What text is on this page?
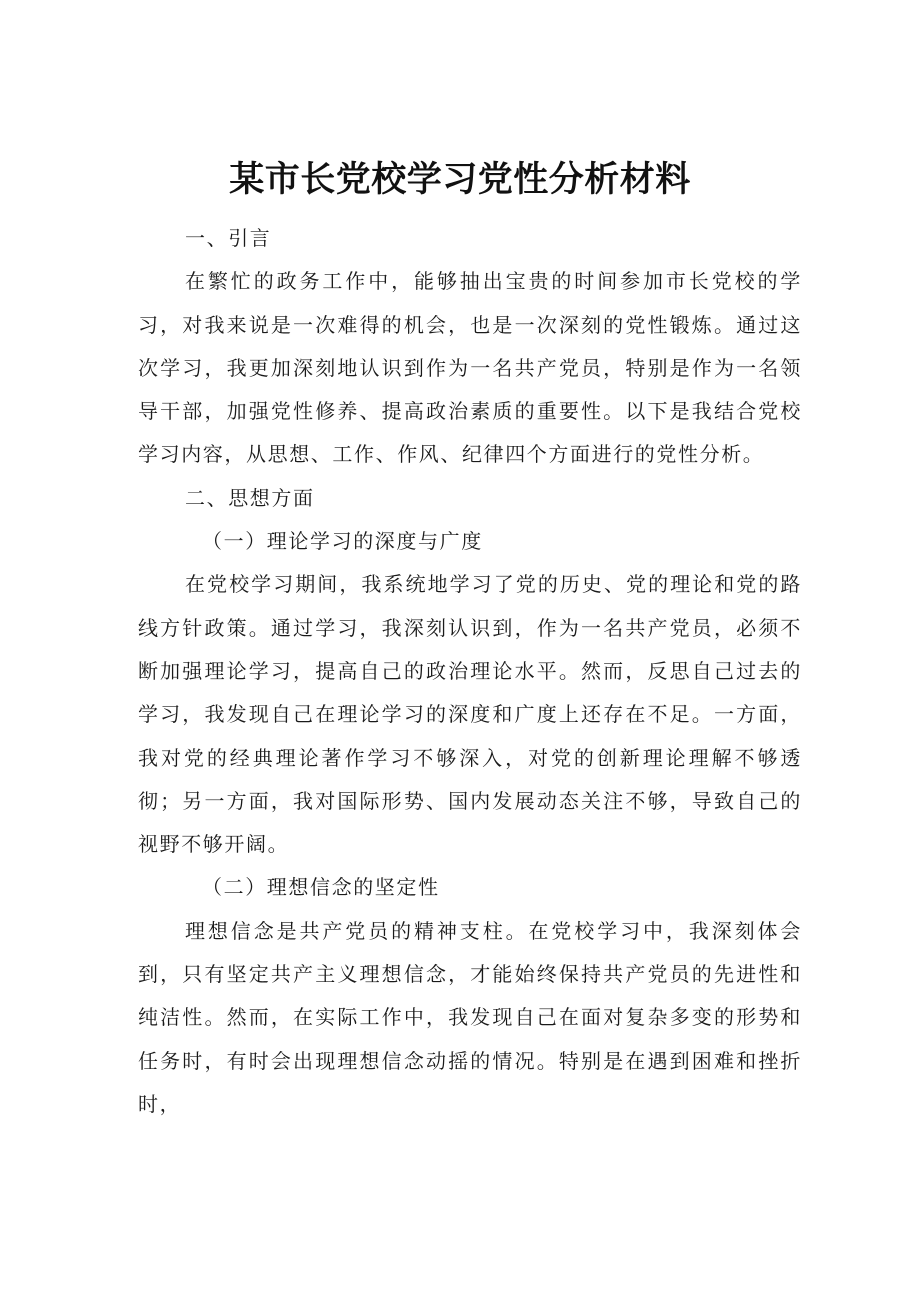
某市长党校学习党性分析材料

一、引言

在繁忙的政务工作中，能够抽出宝贵的时间参加市长党校的学习，对我来说是一次难得的机会，也是一次深刻的党性锻炼。通过这次学习，我更加深刻地认识到作为一名共产党员，特别是作为一名领导干部，加强党性修养、提高政治素质的重要性。以下是我结合党校学习内容，从思想、工作、作风、纪律四个方面进行的党性分析。

二、思想方面

（一）理论学习的深度与广度

在党校学习期间，我系统地学习了党的历史、党的理论和党的路线方针政策。通过学习，我深刻认识到，作为一名共产党员，必须不断加强理论学习，提高自己的政治理论水平。然而，反思自己过去的学习，我发现自己在理论学习的深度和广度上还存在不足。一方面，我对党的经典理论著作学习不够深入，对党的创新理论理解不够透彻；另一方面，我对国际形势、国内发展动态关注不够，导致自己的视野不够开阔。

（二）理想信念的坚定性

理想信念是共产党员的精神支柱。在党校学习中，我深刻体会到，只有坚定共产主义理想信念，才能始终保持共产党员的先进性和纯洁性。然而，在实际工作中，我发现自己在面对复杂多变的形势和任务时，有时会出现理想信念动摇的情况。特别是在遇到困难和挫折时，
